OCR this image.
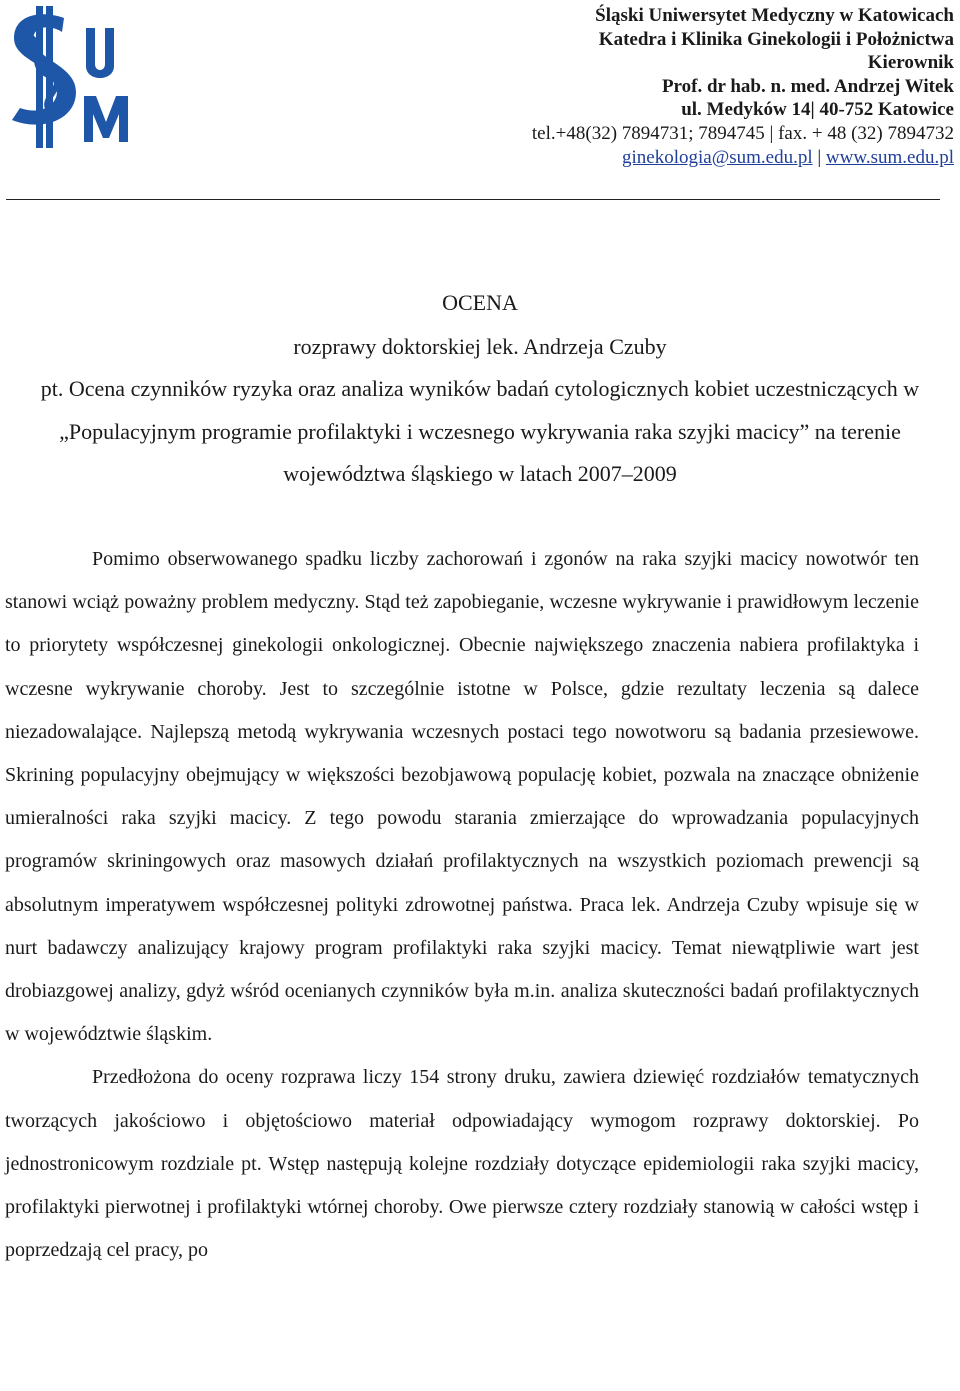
Śląski Uniwersytet Medyczny w Katowicach
Katedra i Klinika Ginekologii i Położnictwa
Kierownik
Prof. dr hab. n. med. Andrzej Witek
ul. Medyków 14| 40-752 Katowice
tel.+48(32) 7894731; 7894745 | fax. + 48 (32) 7894732
ginekologia@sum.edu.pl | www.sum.edu.pl
OCENA
rozprawy doktorskiej lek. Andrzeja Czuby
pt. Ocena czynników ryzyka oraz analiza wyników badań cytologicznych kobiet uczestniczących w „Populacyjnym programie profilaktyki i wczesnego wykrywania raka szyjki macicy” na terenie województwa śląskiego w latach 2007–2009

Pomimo obserwowanego spadku liczby zachorowań i zgonów na raka szyjki macicy nowotwór ten stanowi wciąż poważny problem medyczny. Stąd też zapobieganie, wczesne wykrywanie i prawidłowym leczenie to priorytety współczesnej ginekologii onkologicznej. Obecnie największego znaczenia nabiera profilaktyka i wczesne wykrywanie choroby. Jest to szczególnie istotne w Polsce, gdzie rezultaty leczenia są dalece niezadowalające. Najlepszą metodą wykrywania wczesnych postaci tego nowotworu są badania przesiewowe. Skrining populacyjny obejmujący w większości bezobjawową populację kobiet, pozwala na znaczące obniżenie umieralności raka szyjki macicy. Z tego powodu starania zmierzające do wprowadzania populacyjnych programów skriningowych oraz masowych działań profilaktycznych na wszystkich poziomach prewencji są absolutnym imperatywem współczesnej polityki zdrowotnej państwa. Praca lek. Andrzeja Czuby wpisuje się w nurt badawczy analizujący krajowy program profilaktyki raka szyjki macicy. Temat niewątpliwie wart jest drobiazgowej analizy, gdyż wśród ocenianych czynników była m.in. analiza skuteczności badań profilaktycznych w województwie śląskim.

Przedłożona do oceny rozprawa liczy 154 strony druku, zawiera dziewięć rozdziałów tematycznych tworzących jakościowo i objętościowo materiał odpowiadający wymogom rozprawy doktorskiej. Po jednostronicowym rozdziale pt. Wstęp następują kolejne rozdziały dotyczące epidemiologii raka szyjki macicy, profilaktyki pierwotnej i profilaktyki wtórnej choroby. Owe pierwsze cztery rozdziały stanowią w całości wstęp i poprzedzają cel pracy, po
